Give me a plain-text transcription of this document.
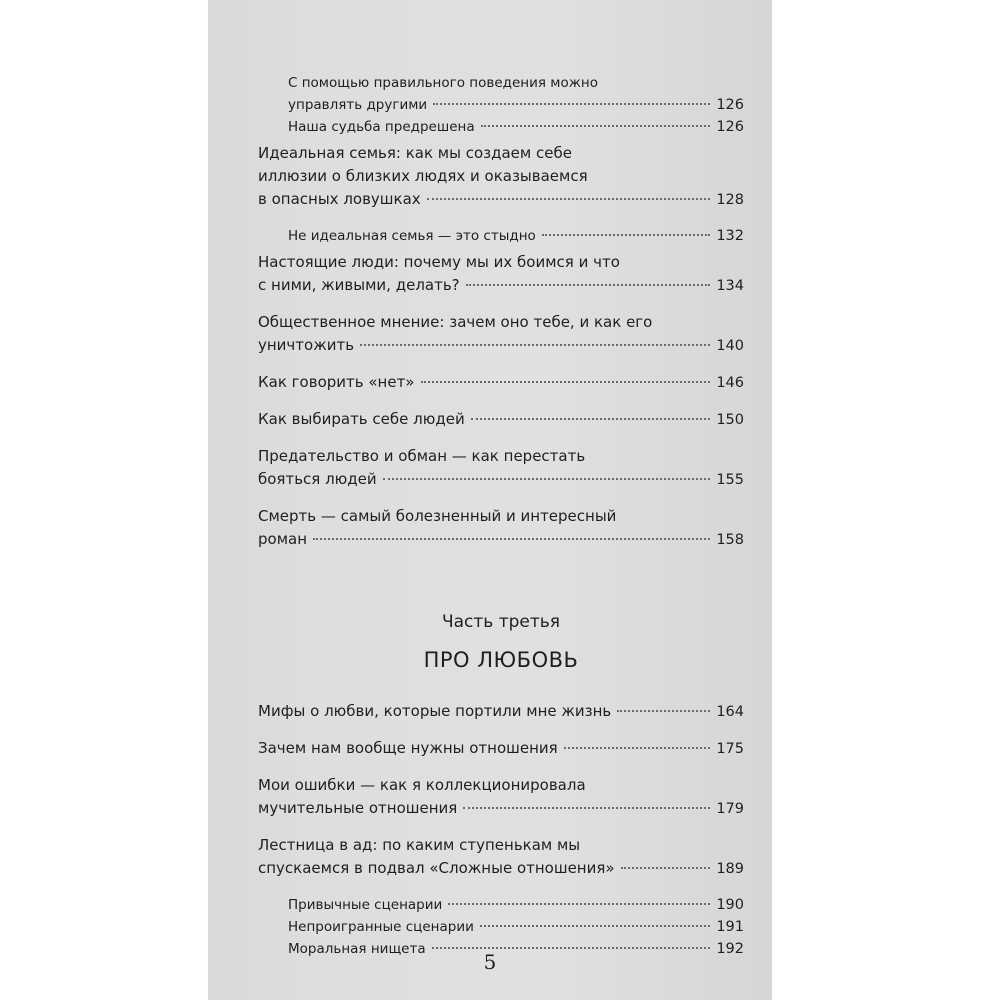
С помощью правильного поведения можно
управлять другими	126
Наша судьба предрешена	126
Идеальная семья: как мы создаем себе
иллюзии о близких людях и оказываемся
в опасных ловушках	128
Не идеальная семья — это стыдно	132
Настоящие люди: почему мы их боимся и что
с ними, живыми, делать?	134
Общественное мнение: зачем оно тебе, и как его
уничтожить	140
Как говорить «нет»	146
Как выбирать себе людей	150
Предательство и обман — как перестать
бояться людей	155
Смерть — самый болезненный и интересный
роман	158
Часть третья
ПРО ЛЮБОВЬ
Мифы о любви, которые портили мне жизнь	164
Зачем нам вообще нужны отношения	175
Мои ошибки — как я коллекционировала
мучительные отношения	179
Лестница в ад: по каким ступенькам мы
спускаемся в подвал «Сложные отношения»	189
Привычные сценарии	190
Непроигранные сценарии	191
Моральная нищета	192
5
